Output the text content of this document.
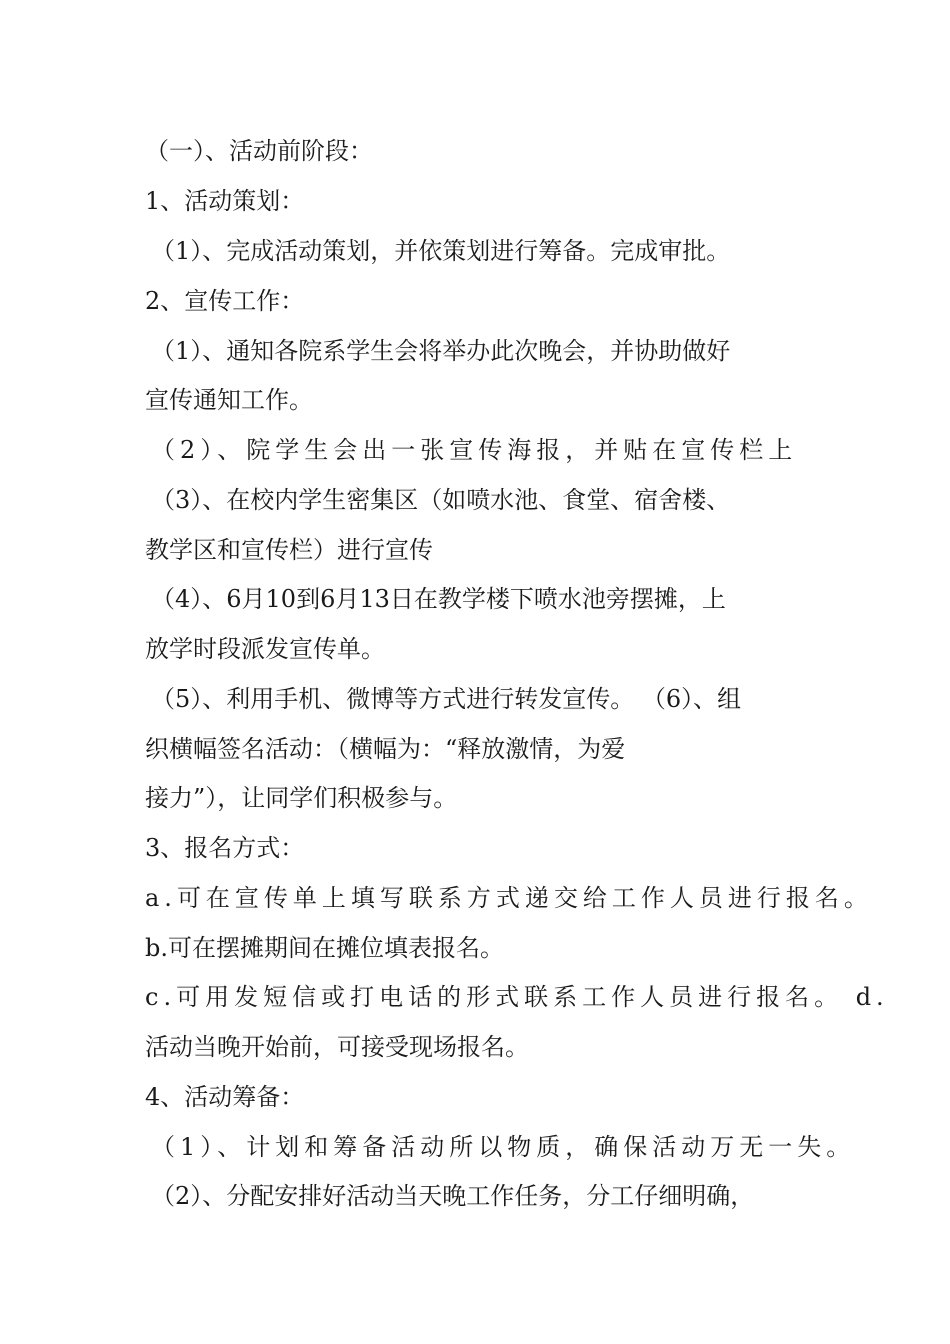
（一）、活动前阶段：
1、活动策划：
（1）、完成活动策划，并依策划进行筹备。完成审批。
2、宣传工作：
（1）、通知各院系学生会将举办此次晚会，并协助做好
宣传通知工作。
（2）、院学生会出一张宣传海报，并贴在宣传栏上
（3）、在校内学生密集区（如喷水池、食堂、宿舍楼、
教学区和宣传栏）进行宣传
（4）、6月10到6月13日在教学楼下喷水池旁摆摊，上
放学时段派发宣传单。
（5）、利用手机、微博等方式进行转发宣传。 （6）、组
织横幅签名活动：（横幅为：“释放激情，为爱
接力”），让同学们积极参与。
3、报名方式：
a.可在宣传单上填写联系方式递交给工作人员进行报名。
b.可在摆摊期间在摊位填表报名。
c.可用发短信或打电话的形式联系工作人员进行报名。 d.
活动当晚开始前，可接受现场报名。
4、活动筹备：
（1）、计划和筹备活动所以物质，确保活动万无一失。
（2）、分配安排好活动当天晚工作任务，分工仔细明确，
